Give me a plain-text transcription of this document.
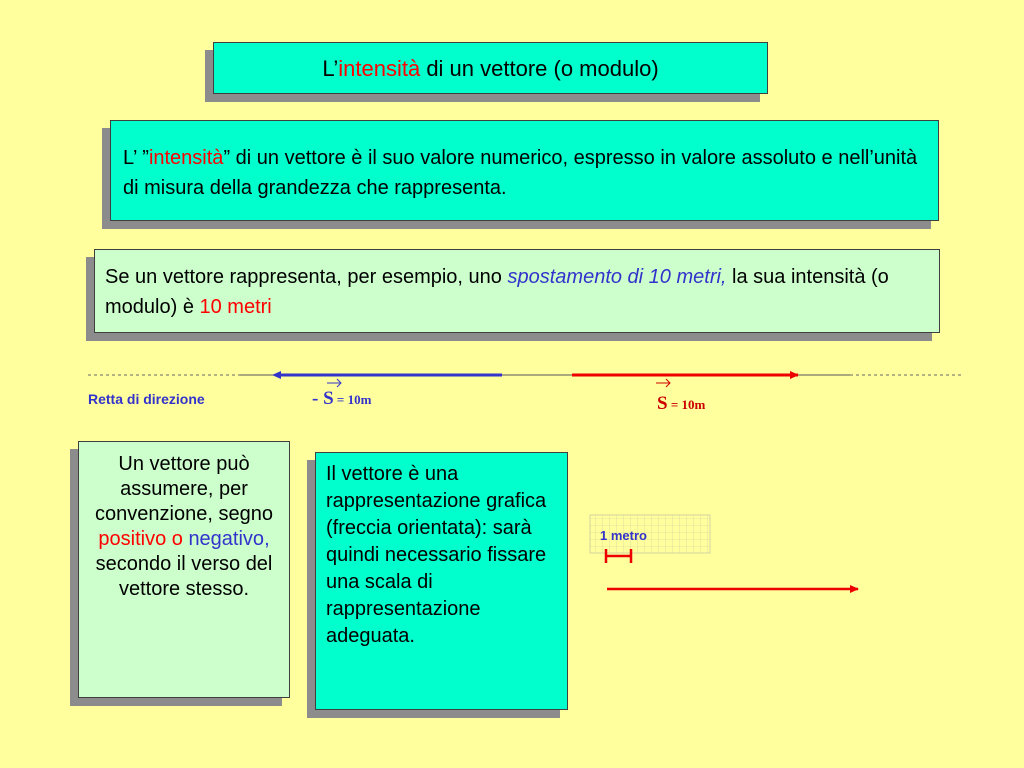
L’intensità di un vettore (o modulo)
L’ ”intensità” di un vettore è il suo valore numerico, espresso in valore assoluto e nell’unità di misura della grandezza che rappresenta.
Se un vettore rappresenta, per esempio, uno spostamento di 10 metri, la sua intensità (o modulo) è 10 metri
Retta di direzione	- S = 10m	S = 10m
Un vettore può assumere, per convenzione, segno positivo o negativo, secondo il verso del vettore stesso.
Il vettore è una rappresentazione grafica (freccia orientata): sarà quindi necessario fissare una scala di rappresentazione adeguata.
1 metro
